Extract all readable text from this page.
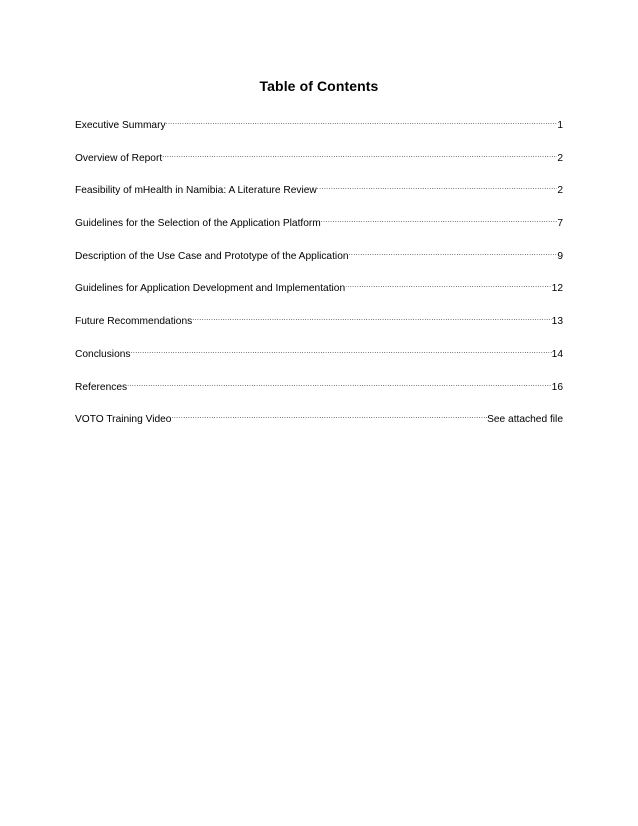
Table of Contents
Executive Summary .....	1
Overview of Report .....	2
Feasibility of mHealth in Namibia: A Literature Review .....	2
Guidelines for the Selection of the Application Platform .....	7
Description of the Use Case and Prototype of the Application .....	9
Guidelines for Application Development and Implementation .....	12
Future Recommendations .....	13
Conclusions .....	14
References .....	16
VOTO Training Video .....	See attached file
